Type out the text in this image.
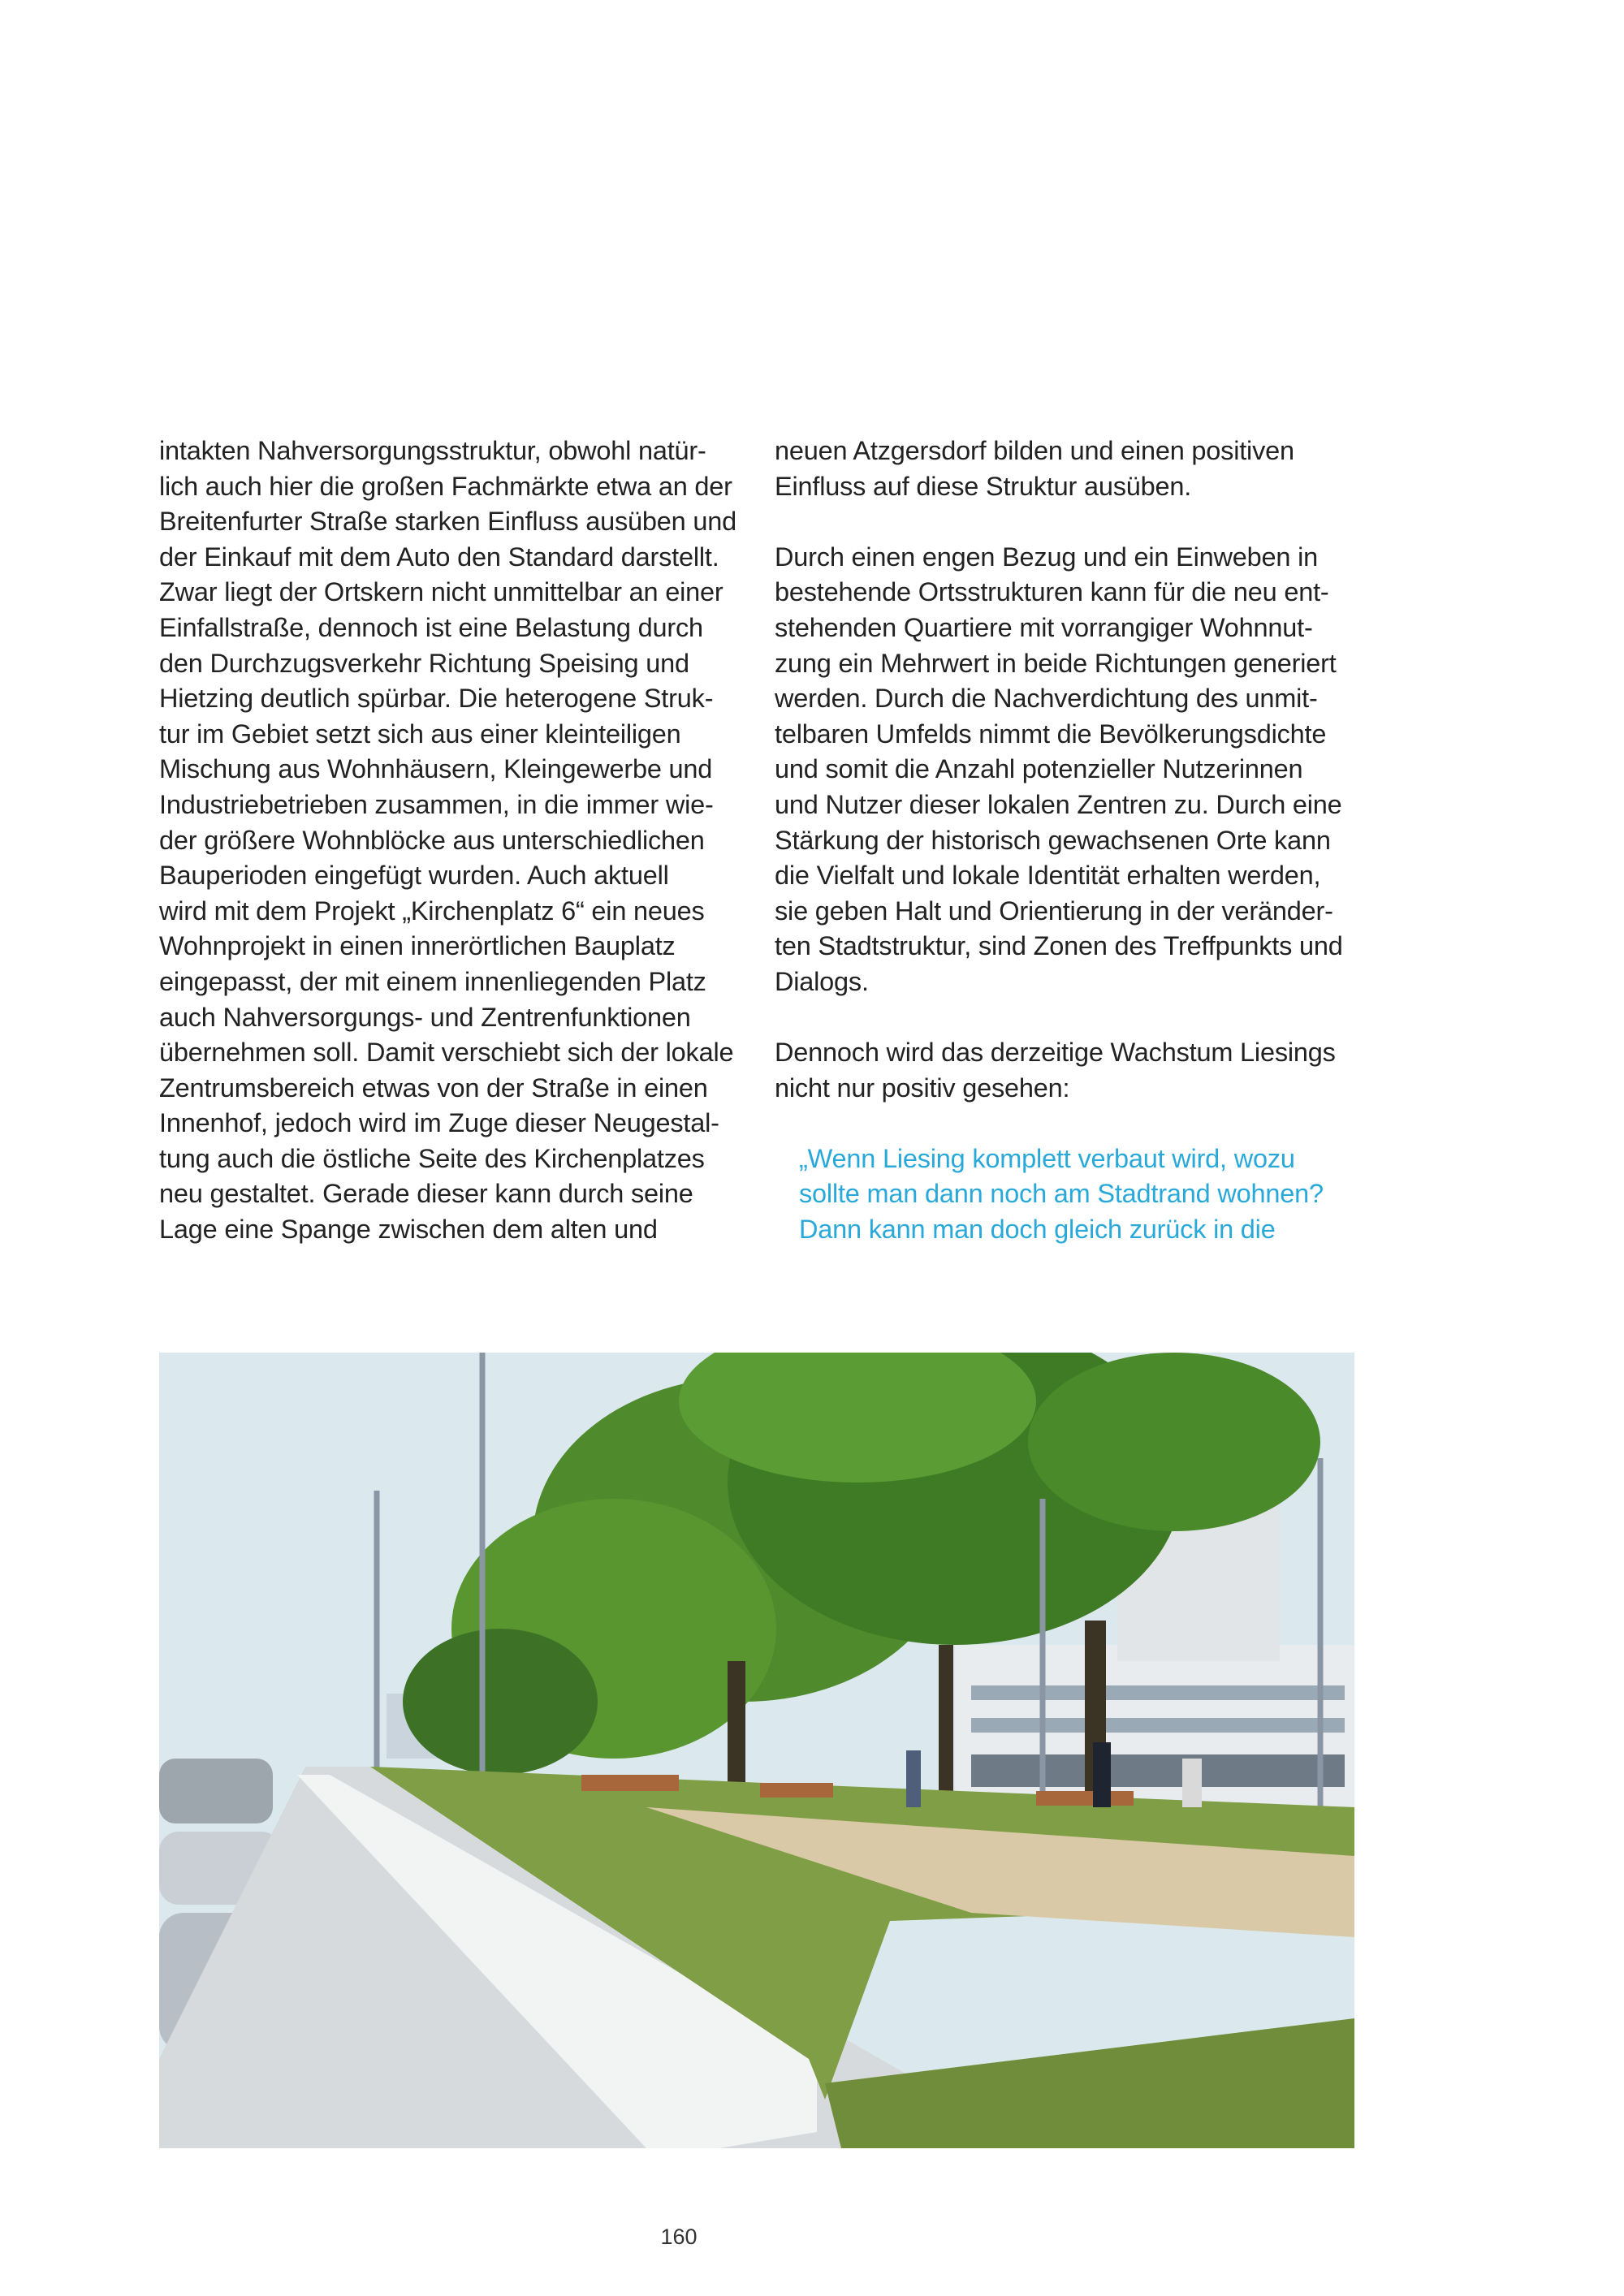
intakten Nahversorgungsstruktur, obwohl natür-
lich auch hier die großen Fachmärkte etwa an der
Breitenfurter Straße starken Einfluss ausüben und
der Einkauf mit dem Auto den Standard darstellt.
Zwar liegt der Ortskern nicht unmittelbar an einer
Einfallstraße, dennoch ist eine Belastung durch
den Durchzugsverkehr Richtung Speising und
Hietzing deutlich spürbar. Die heterogene Struk-
tur im Gebiet setzt sich aus einer kleinteiligen
Mischung aus Wohnhäusern, Kleingewerbe und
Industriebetrieben zusammen, in die immer wie-
der größere Wohnblöcke aus unterschiedlichen
Bauperioden eingefügt wurden. Auch aktuell
wird mit dem Projekt „Kirchenplatz 6“ ein neues
Wohnprojekt in einen innerörtlichen Bauplatz
eingepasst, der mit einem innenliegenden Platz
auch Nahversorgungs- und Zentrenfunktionen
übernehmen soll. Damit verschiebt sich der lokale
Zentrumsbereich etwas von der Straße in einen
Innenhof, jedoch wird im Zuge dieser Neugestal-
tung auch die östliche Seite des Kirchenplatzes
neu gestaltet. Gerade dieser kann durch seine
Lage eine Spange zwischen dem alten und
neuen Atzgersdorf bilden und einen positiven
Einfluss auf diese Struktur ausüben.
Durch einen engen Bezug und ein Einweben in
bestehende Ortsstrukturen kann für die neu ent-
stehenden Quartiere mit vorrangiger Wohnnut-
zung ein Mehrwert in beide Richtungen generiert
werden. Durch die Nachverdichtung des unmit-
telbaren Umfelds nimmt die Bevölkerungsdichte
und somit die Anzahl potenzieller Nutzerinnen
und Nutzer dieser lokalen Zentren zu. Durch eine
Stärkung der historisch gewachsenen Orte kann
die Vielfalt und lokale Identität erhalten werden,
sie geben Halt und Orientierung in der veränder-
ten Stadtstruktur, sind Zonen des Treffpunkts und
Dialogs.
Dennoch wird das derzeitige Wachstum Liesings
nicht nur positiv gesehen:
„Wenn Liesing komplett verbaut wird, wozu
sollte man dann noch am Stadtrand wohnen?
Dann kann man doch gleich zurück in die
160
